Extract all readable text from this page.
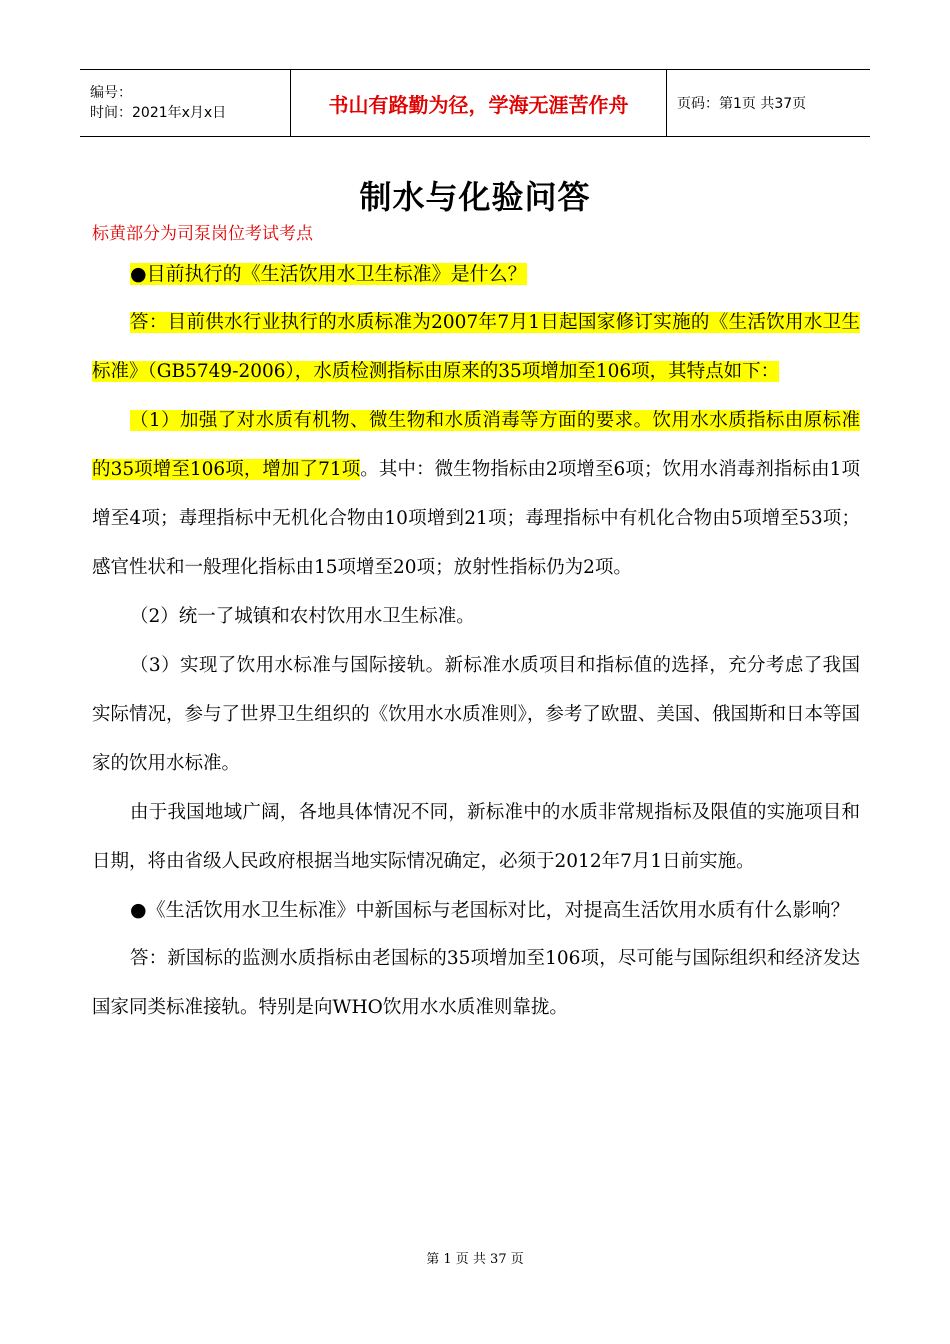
编号：
时间：2021年x月x日	书山有路勤为径，学海无涯苦作舟	页码：第1页 共37页
制水与化验问答
标黄部分为司泵岗位考试考点

●目前执行的《生活饮用水卫生标准》是什么？

答：目前供水行业执行的水质标准为2007年7月1日起国家修订实施的《生活饮用水卫生标准》（GB5749-2006），水质检测指标由原来的35项增加至106项，其特点如下：

（1）加强了对水质有机物、微生物和水质消毒等方面的要求。饮用水水质指标由原标准的35项增至106项，增加了71项。其中：微生物指标由2项增至6项；饮用水消毒剂指标由1项增至4项；毒理指标中无机化合物由10项增到21项；毒理指标中有机化合物由5项增至53项；感官性状和一般理化指标由15项增至20项；放射性指标仍为2项。

（2）统一了城镇和农村饮用水卫生标准。

（3）实现了饮用水标准与国际接轨。新标准水质项目和指标值的选择，充分考虑了我国实际情况，参与了世界卫生组织的《饮用水水质准则》，参考了欧盟、美国、俄国斯和日本等国家的饮用水标准。

由于我国地域广阔，各地具体情况不同，新标准中的水质非常规指标及限值的实施项目和日期，将由省级人民政府根据当地实际情况确定，必须于2012年7月1日前实施。

●《生活饮用水卫生标准》中新国标与老国标对比，对提高生活饮用水质有什么影响？

答：新国标的监测水质指标由老国标的35项增加至106项，尽可能与国际组织和经济发达国家同类标准接轨。特别是向WHO饮用水水质准则靠拢。

第 1 页 共 37 页
